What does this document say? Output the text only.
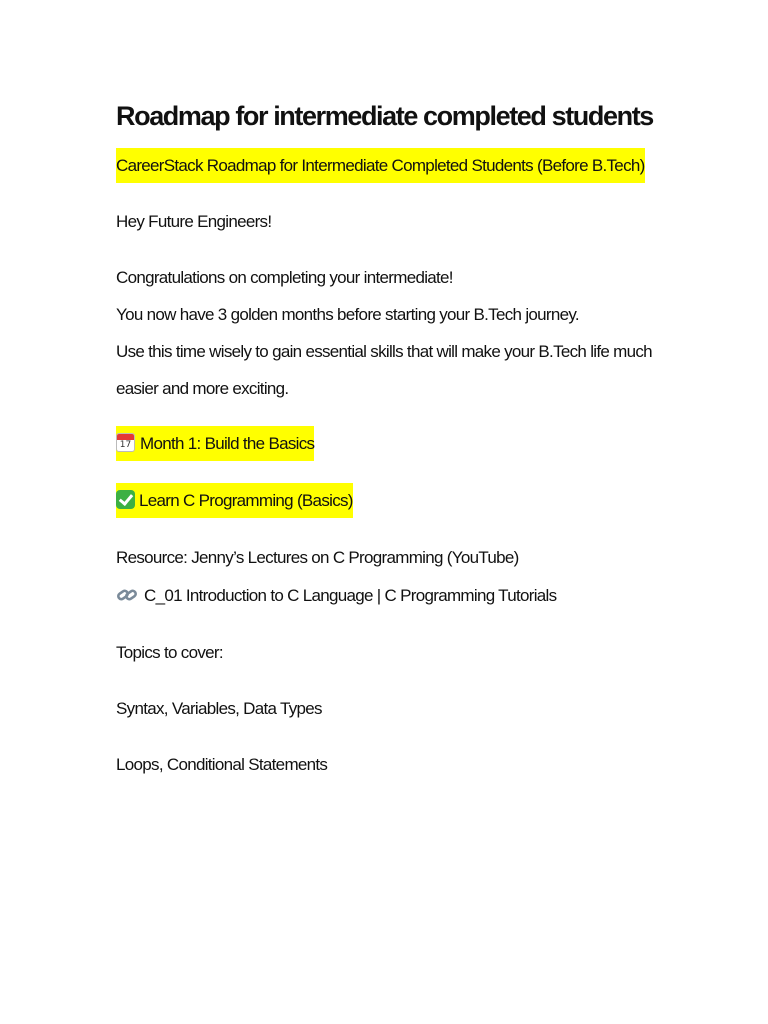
Roadmap for intermediate completed students
CareerStack Roadmap for Intermediate Completed Students (Before B.Tech)

Hey Future Engineers!

Congratulations on completing your intermediate!
You now have 3 golden months before starting your B.Tech journey.
Use this time wisely to gain essential skills that will make your B.Tech life much easier and more exciting.

17 Month 1: Build the Basics
Learn C Programming (Basics)
Resource: Jenny’s Lectures on C Programming (YouTube)
C_01 Introduction to C Language | C Programming Tutorials

Topics to cover:

Syntax, Variables, Data Types

Loops, Conditional Statements
